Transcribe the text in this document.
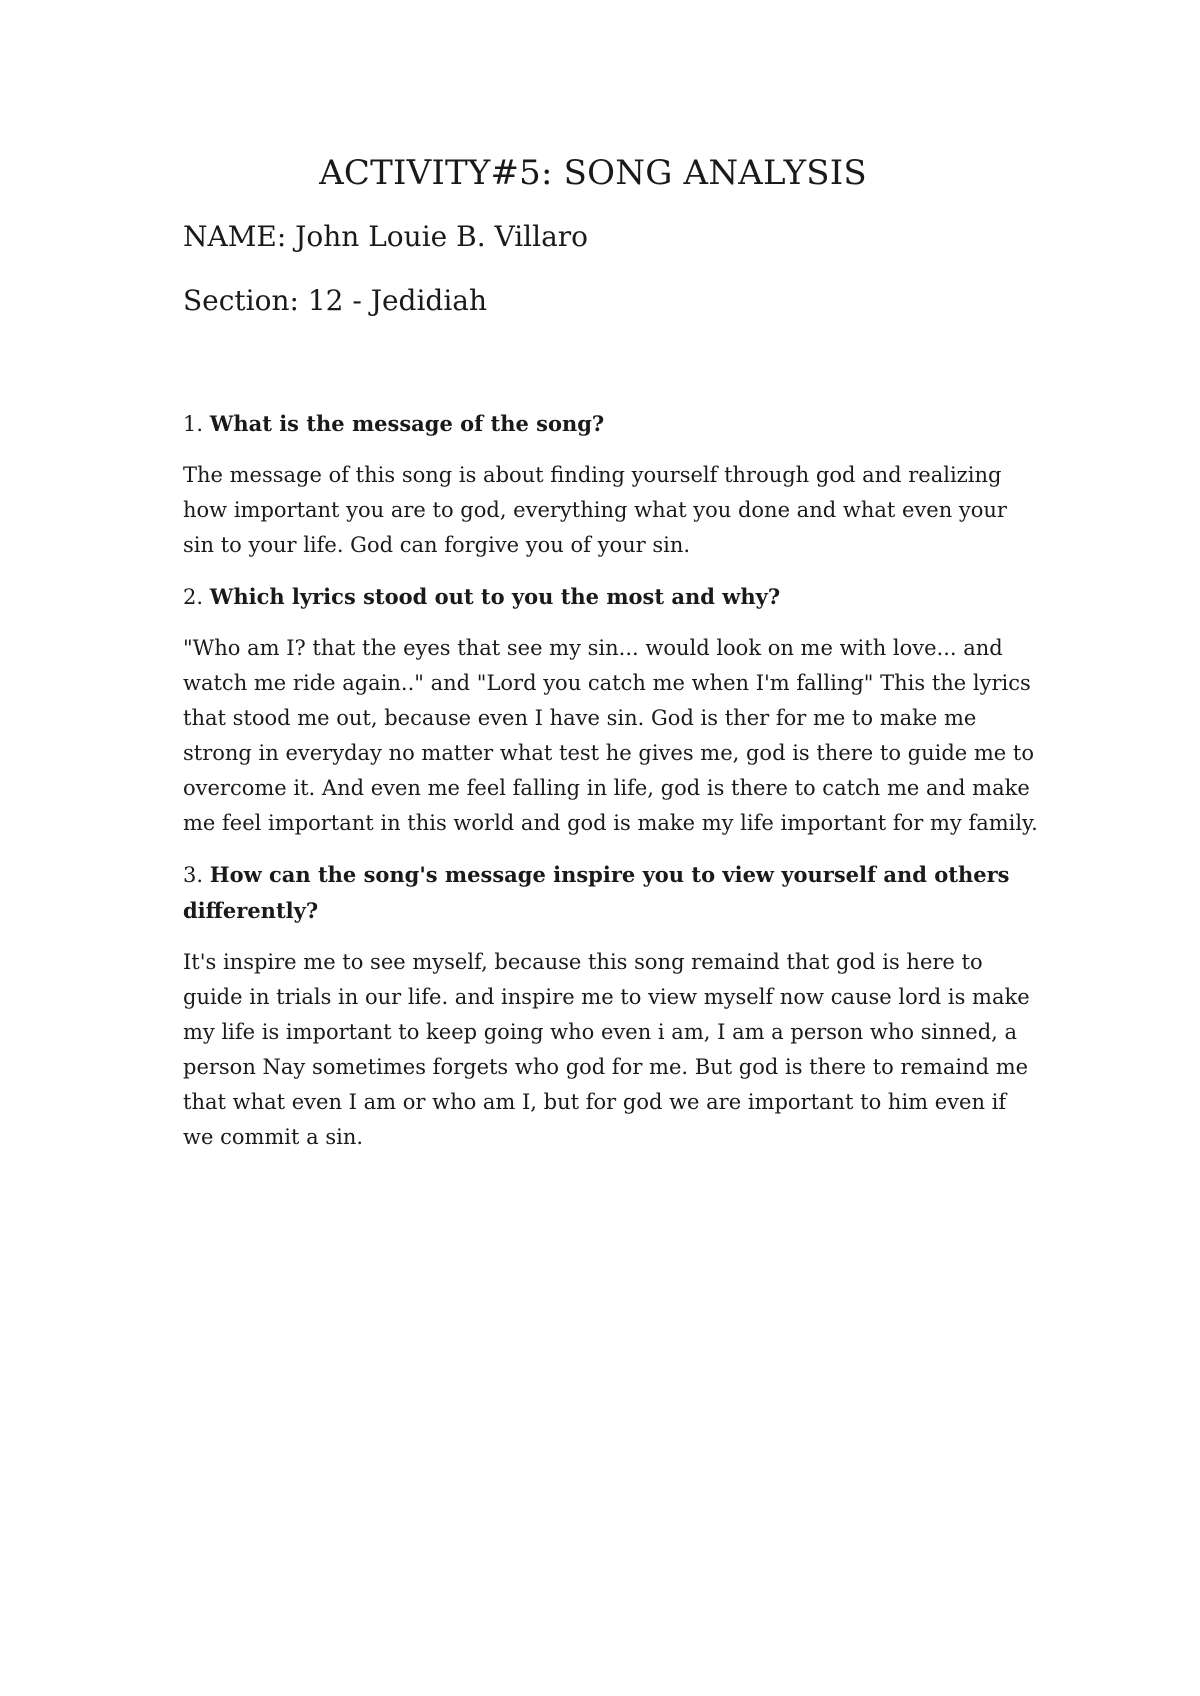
ACTIVITY#5: SONG ANALYSIS

NAME: John Louie B. Villaro

Section: 12 - Jedidiah

1. What is the message of the song?

The message of this song is about finding yourself through god and realizing how important you are to god, everything what you done and what even your sin to your life. God can forgive you of your sin.

2. Which lyrics stood out to you the most and why?

"Who am I? that the eyes that see my sin... would look on me with love... and watch me ride again.." and "Lord you catch me when I'm falling" This the lyrics that stood me out, because even I have sin. God is ther for me to make me strong in everyday no matter what test he gives me, god is there to guide me to overcome it. And even me feel falling in life, god is there to catch me and make me feel important in this world and god is make my life important for my family.

3. How can the song's message inspire you to view yourself and others differently?

It's inspire me to see myself, because this song remaind that god is here to guide in trials in our life. and inspire me to view myself now cause lord is make my life is important to keep going who even i am, I am a person who sinned, a person Nay sometimes forgets who god for me. But god is there to remaind me that what even I am or who am I, but for god we are important to him even if we commit a sin.
